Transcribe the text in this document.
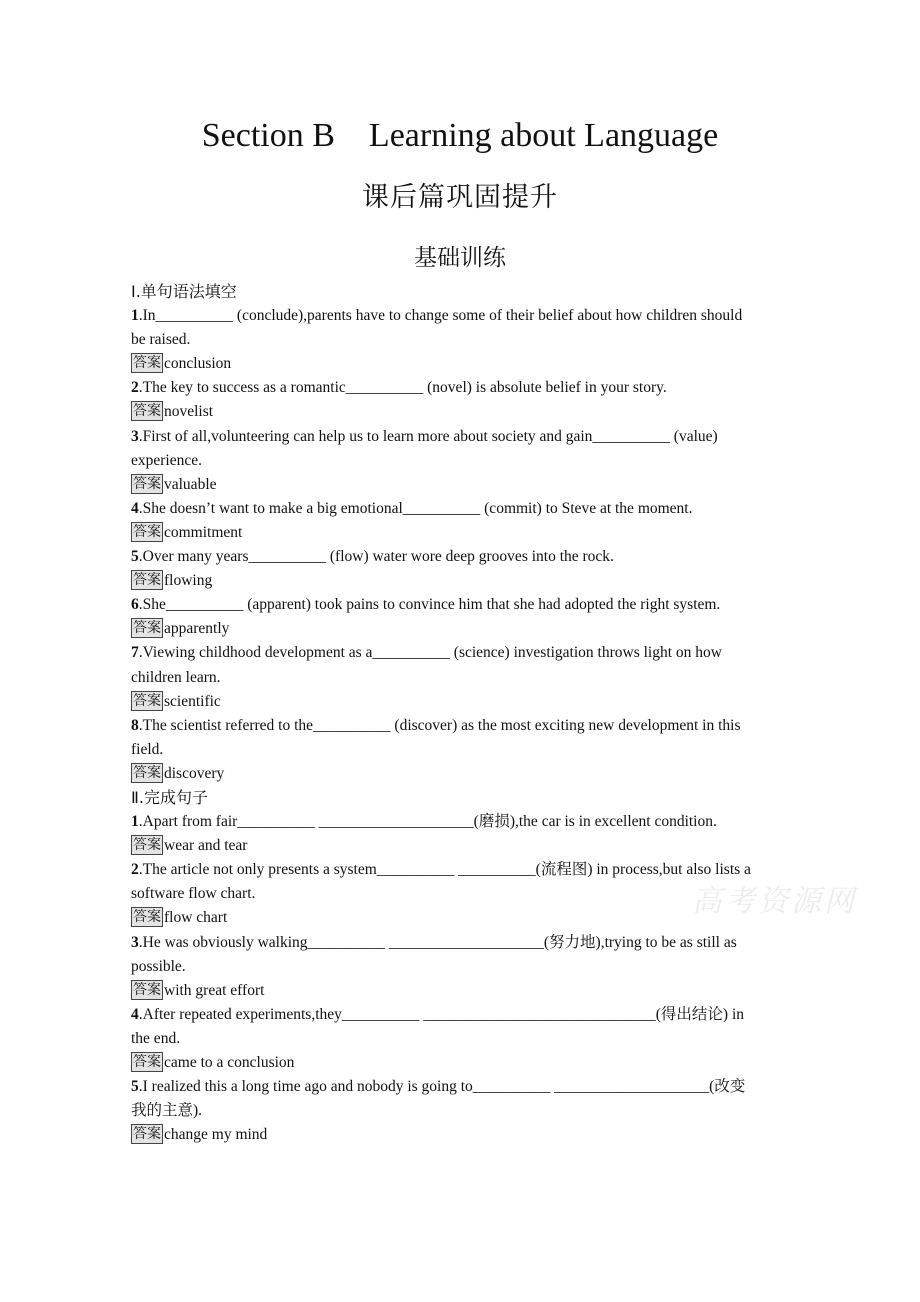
Section B    Learning about Language
课后篇巩固提升
基础训练
Ⅰ.单句语法填空
1.In__________ (conclude),parents have to change some of their belief about how children should
be raised.
答案 conclusion
2.The key to success as a romantic__________ (novel) is absolute belief in your story.
答案 novelist
3.First of all,volunteering can help us to learn more about society and gain__________ (value)
experience.
答案 valuable
4.She doesn’t want to make a big emotional__________ (commit) to Steve at the moment.
答案 commitment
5.Over many years__________ (flow) water wore deep grooves into the rock.
答案 flowing
6.She__________ (apparent) took pains to convince him that she had adopted the right system.
答案 apparently
7.Viewing childhood development as a__________ (science) investigation throws light on how
children learn.
答案 scientific
8.The scientist referred to the__________ (discover) as the most exciting new development in this
field.
答案 discovery
Ⅱ.完成句子
1.Apart from fair__________ ____________________(磨损),the car is in excellent condition.
答案 wear and tear
2.The article not only presents a system__________ __________(流程图) in process,but also lists a
software flow chart.
答案 flow chart
3.He was obviously walking__________ ____________________(努力地),trying to be as still as
possible.
答案 with great effort
4.After repeated experiments,they__________ ______________________________(得出结论) in
the end.
答案 came to a conclusion
5.I realized this a long time ago and nobody is going to__________ ____________________(改变
我的主意).
答案 change my mind
高考资源网
